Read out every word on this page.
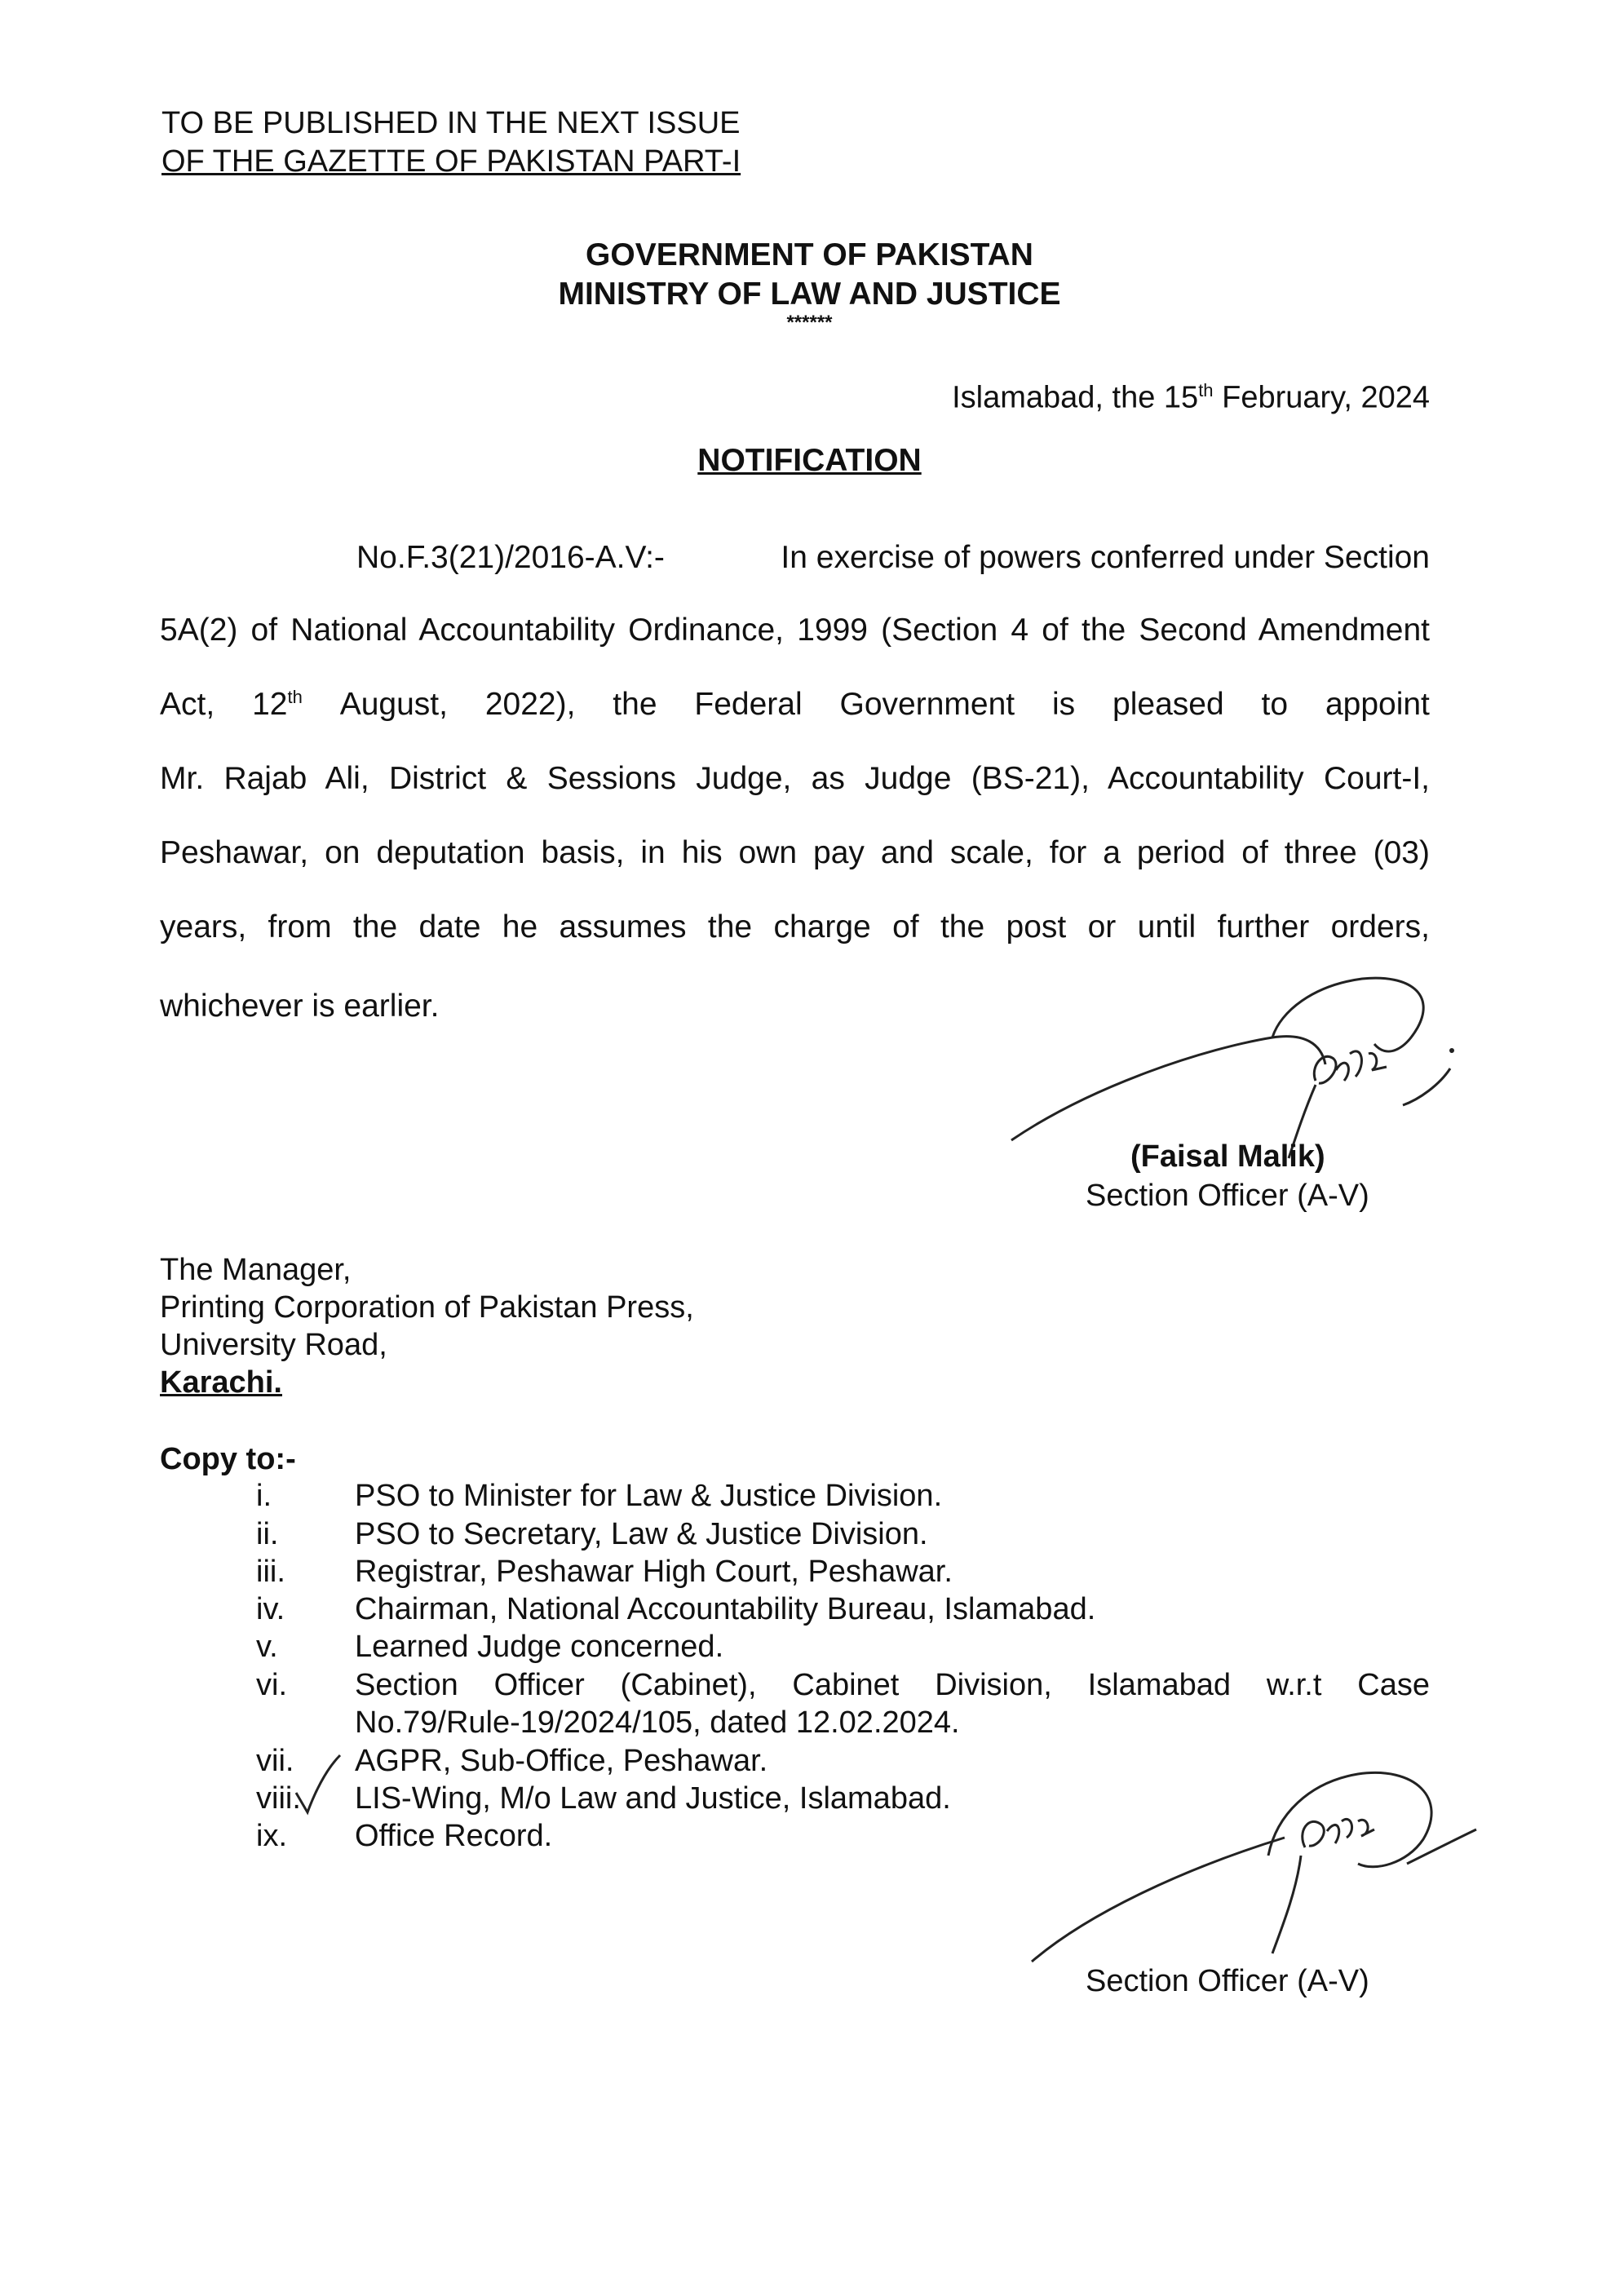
TO BE PUBLISHED IN THE NEXT ISSUE
OF THE GAZETTE OF PAKISTAN PART-I
GOVERNMENT OF PAKISTAN
MINISTRY OF LAW AND JUSTICE
******
Islamabad, the 15th February, 2024
NOTIFICATION
No.F.3(21)/2016-A.V:-	In exercise of powers conferred under Section
5A(2) of National Accountability Ordinance, 1999 (Section 4 of the Second Amendment
Act, 12th August, 2022), the Federal Government is pleased to appoint
Mr. Rajab Ali, District & Sessions Judge, as Judge (BS-21), Accountability Court-I,
Peshawar, on deputation basis, in his own pay and scale, for a period of three (03)
years, from the date he assumes the charge of the post or until further orders,
whichever is earlier.
(Faisal Malik)
Section Officer (A-V)
The Manager,
Printing Corporation of Pakistan Press,
University Road,
Karachi.
Copy to:-
i.	PSO to Minister for Law & Justice Division.
ii. PSO to Secretary, Law & Justice Division.
iii. Registrar, Peshawar High Court, Peshawar.
iv. Chairman, National Accountability Bureau, Islamabad.
v. Learned Judge concerned.
vi. Section Officer (Cabinet), Cabinet Division, Islamabad w.r.t Case
No.79/Rule-19/2024/105, dated 12.02.2024.
vii. AGPR, Sub-Office, Peshawar.
viii. LIS-Wing, M/o Law and Justice, Islamabad.
ix. Office Record.
Section Officer (A-V)
